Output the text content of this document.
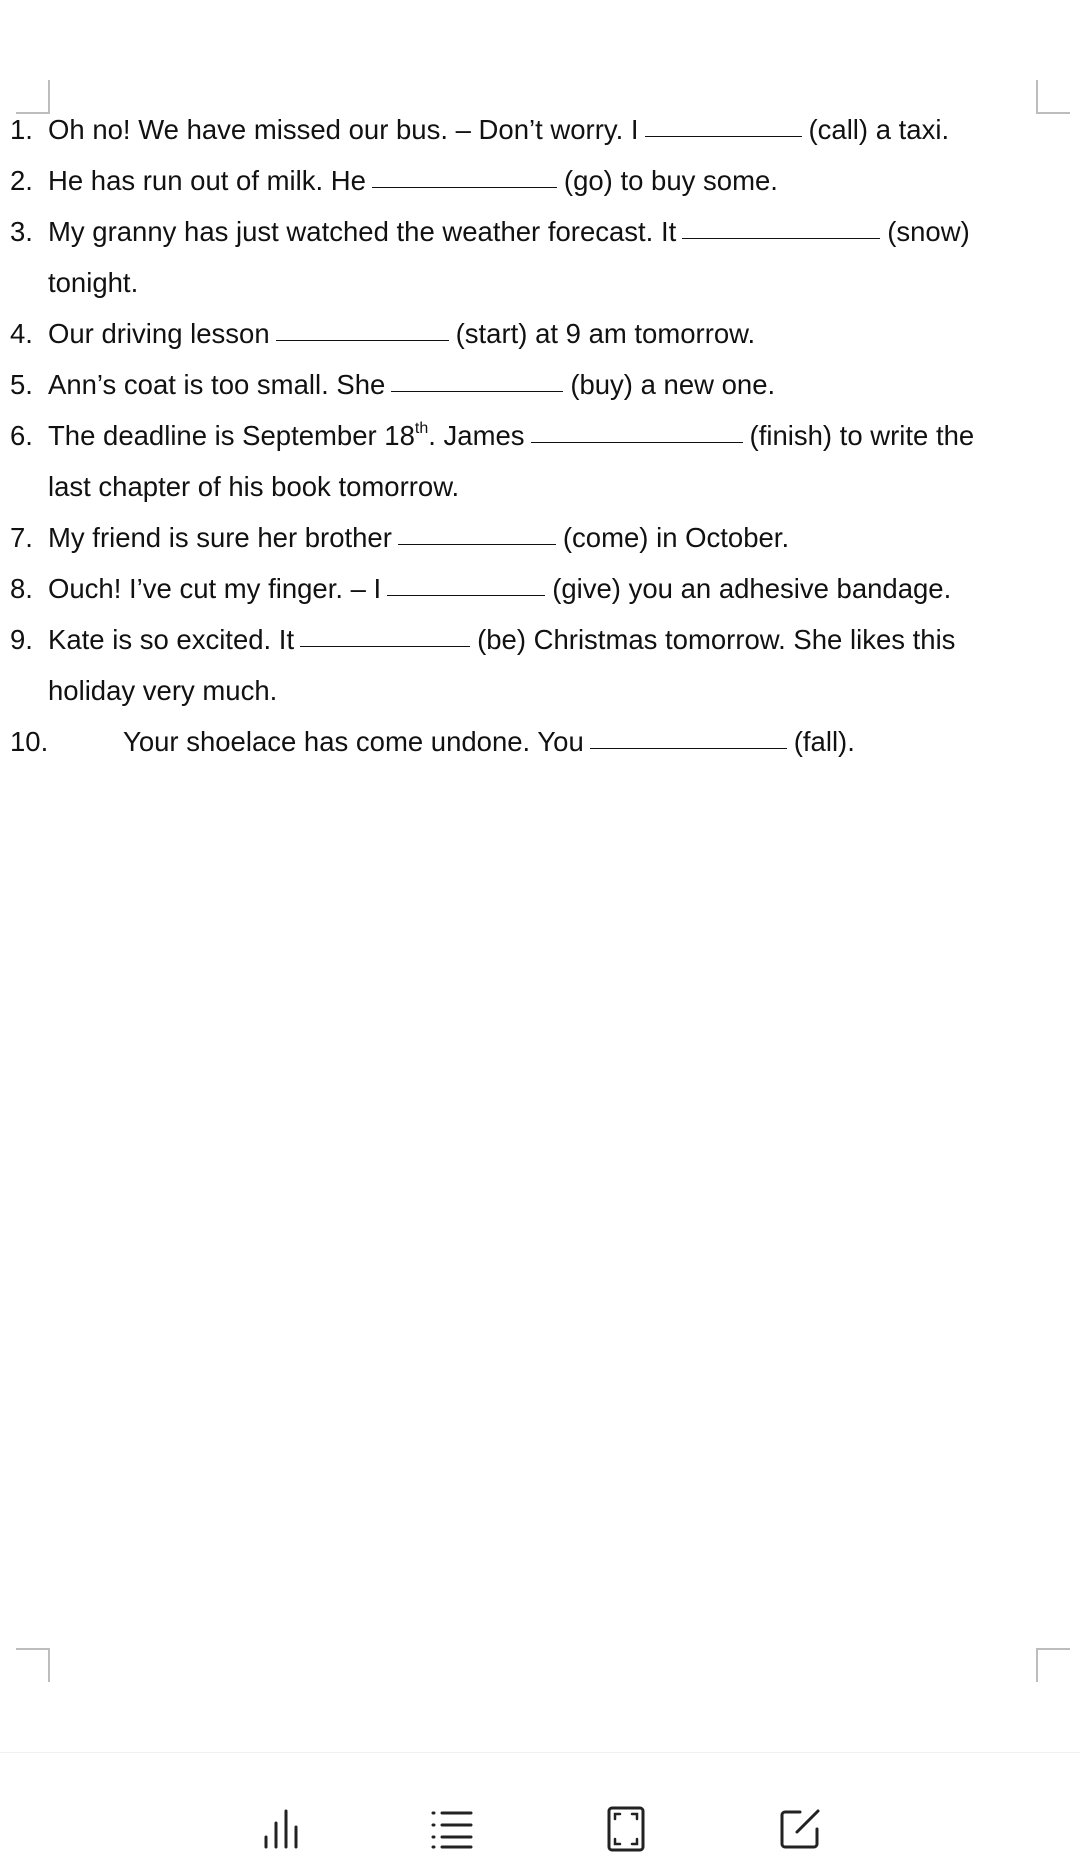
1. Oh no! We have missed our bus. – Don’t worry. I	(call) a taxi.
2. He has run out of milk. He	(go) to buy some.
3. My granny has just watched the weather forecast. It	(snow)
tonight.
4. Our driving lesson	(start) at 9 am tomorrow.
5. Ann’s coat is too small. She	(buy) a new one.
6. The deadline is September 18th. James	(finish) to write the
last chapter of his book tomorrow.
7. My friend is sure her brother	(come) in October.
8. Ouch! I’ve cut my finger. – I	(give) you an adhesive bandage.
9. Kate is so excited. It	(be) Christmas tomorrow. She likes this
holiday very much.
10.	Your shoelace has come undone. You	(fall).
